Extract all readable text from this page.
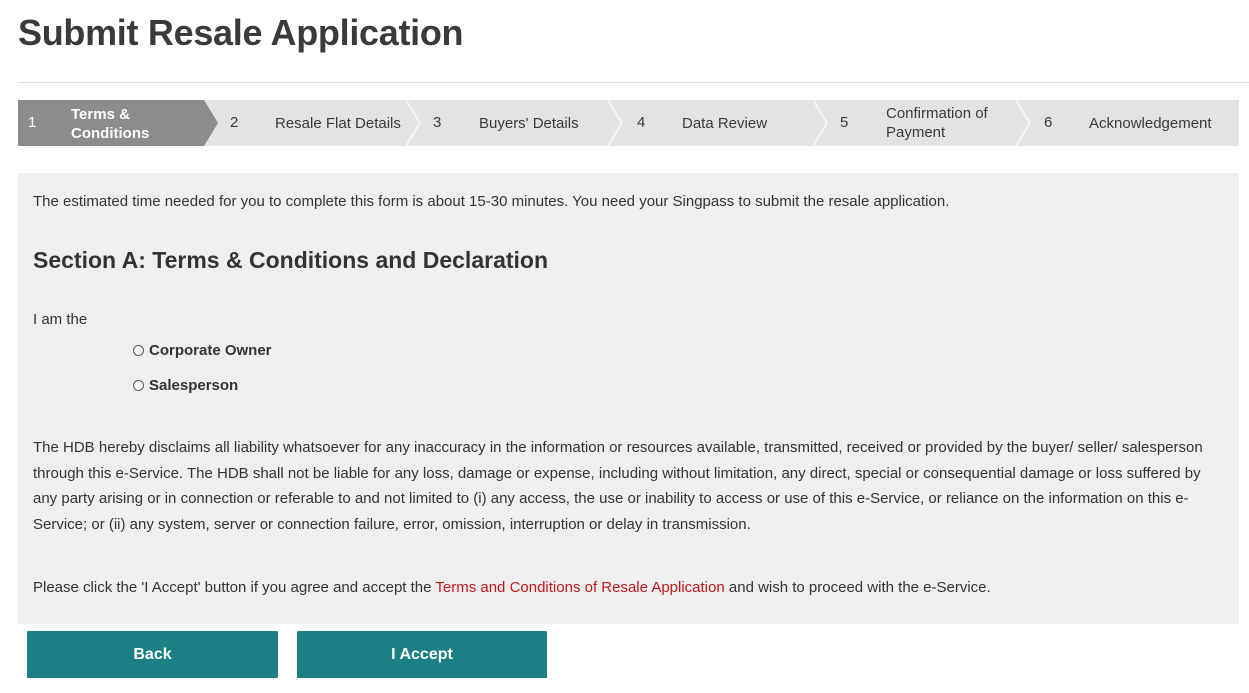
Submit Resale Application
1 Terms & Conditions
and Declarations
2 Resale Flat Details 3	Buyers' Details	4 Data Review	5
Confirmation of
Payment
6 Acknowledgement
The estimated time needed for you to complete this form is about 15-30 minutes. You need your Singpass to submit the resale application.
Section A: Terms & Conditions and Declaration
I am the
Corporate Owner
Salesperson
The HDB hereby disclaims all liability whatsoever for any inaccuracy in the information or resources available, transmitted, received or provided by the buyer/ seller/ salesperson through this e-Service. The HDB shall not be liable for any loss, damage or expense, including without limitation, any direct, special or consequential damage or loss suffered by any party arising or in connection or referable to and not limited to (i) any access, the use or inability to access or use of this e-Service, or reliance on the information on this e-Service; or (ii) any system, server or connection failure, error, omission, interruption or delay in transmission.
Please click the 'I Accept' button if you agree and accept the Terms and Conditions of Resale Application and wish to proceed with the e-Service.
Back	I Accept
